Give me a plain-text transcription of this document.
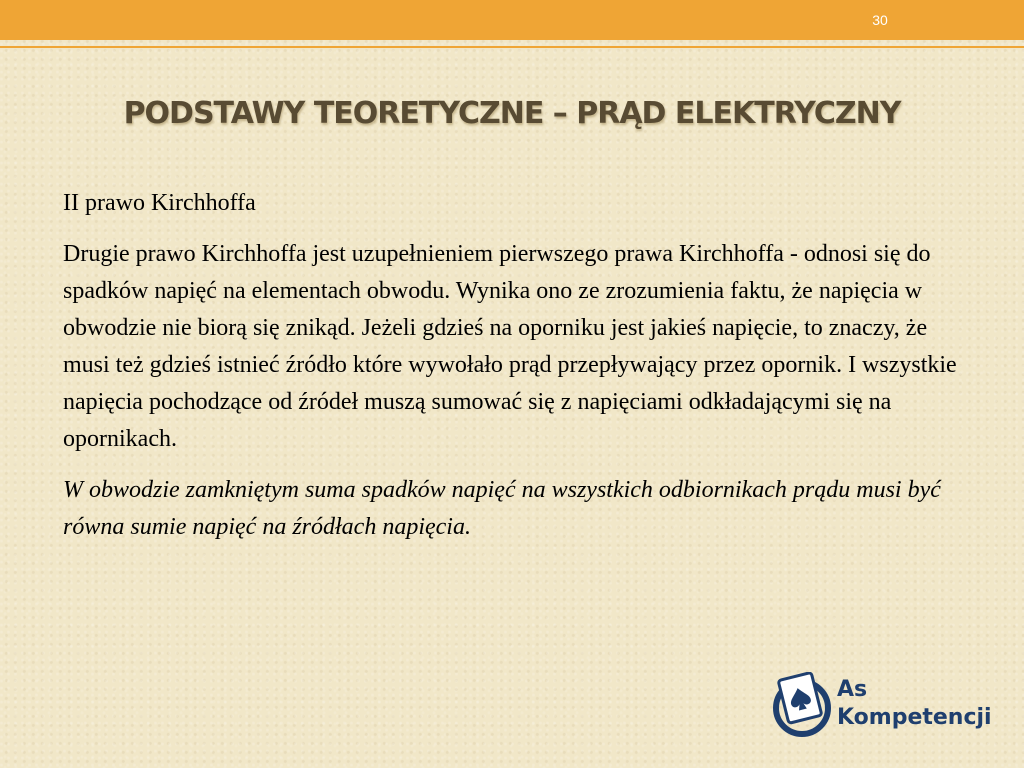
30
PODSTAWY TEORETYCZNE – PRĄD ELEKTRYCZNY

II prawo Kirchhoffa

Drugie prawo Kirchhoffa jest uzupełnieniem pierwszego prawa Kirchhoffa - odnosi się do spadków napięć na elementach obwodu. Wynika ono ze zrozumienia faktu, że napięcia w obwodzie nie biorą się znikąd. Jeżeli gdzieś na oporniku jest jakieś napięcie, to znaczy, że musi też gdzieś istnieć źródło które wywołało prąd przepływający przez opornik. I wszystkie napięcia pochodzące od źródeł muszą sumować się z napięciami odkładającymi się na opornikach.

W obwodzie zamkniętym suma spadków napięć na wszystkich odbiornikach prądu musi być równa sumie napięć na źródłach napięcia.

As
Kompetencji
